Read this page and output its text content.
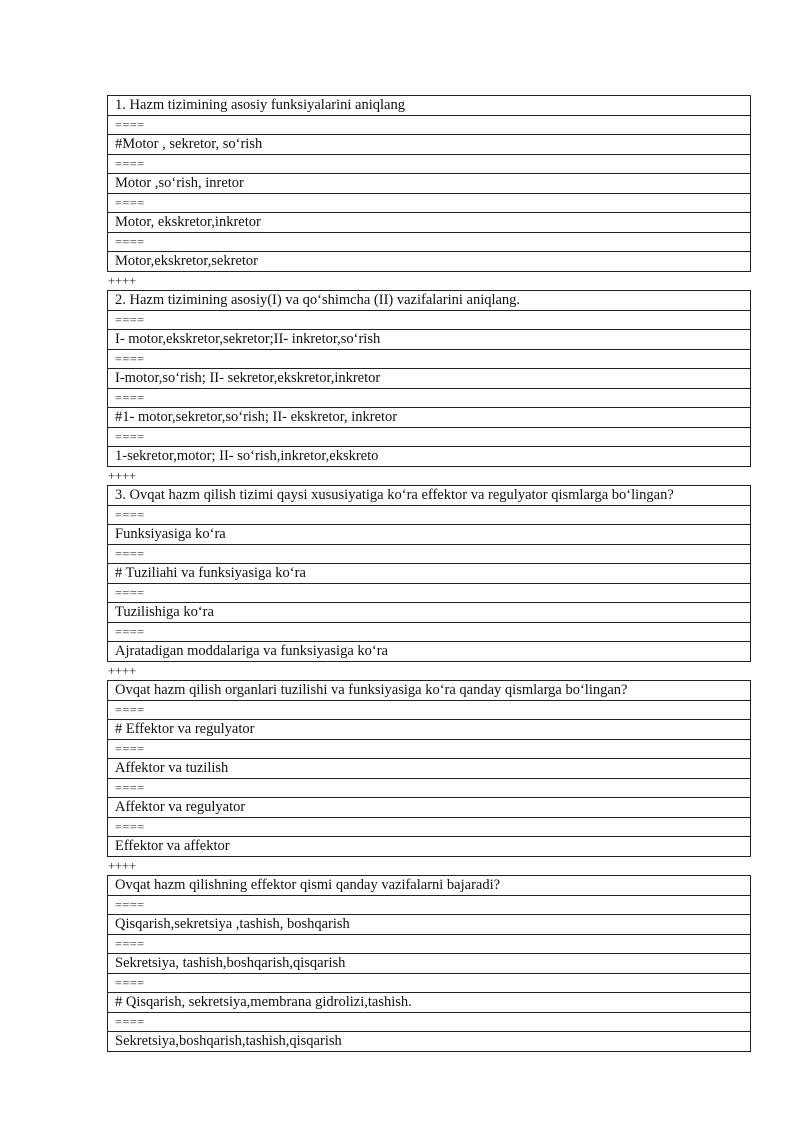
1. Hazm tizimining asosiy funksiyalarini aniqlang
====
#Motor , sekretor, so‘rish
====
Motor ,so‘rish, inretor
====
Motor, ekskretor,inkretor
====
Motor,ekskretor,sekretor
++++
2. Hazm tizimining asosiy(I) va qo‘shimcha (II) vazifalarini aniqlang.
====
I- motor,ekskretor,sekretor;II- inkretor,so‘rish
====
I-motor,so‘rish; II- sekretor,ekskretor,inkretor
====
#1- motor,sekretor,so‘rish; II- ekskretor, inkretor
====
1-sekretor,motor; II- so‘rish,inkretor,ekskreto
++++
3. Ovqat hazm qilish tizimi qaysi xususiyatiga ko‘ra effektor va regulyator qismlarga bo‘lingan?
====
Funksiyasiga ko‘ra
====
# Tuziliahi va funksiyasiga ko‘ra
====
Tuzilishiga ko‘ra
====
Ajratadigan moddalariga va funksiyasiga ko‘ra
++++
Ovqat hazm qilish organlari tuzilishi va funksiyasiga ko‘ra qanday qismlarga bo‘lingan?
====
# Effektor va regulyator
====
Affektor va tuzilish
====
Affektor va regulyator
====
Effektor va affektor
++++
Ovqat hazm qilishning effektor qismi qanday vazifalarni bajaradi?
====
Qisqarish,sekretsiya ,tashish, boshqarish
====
Sekretsiya, tashish,boshqarish,qisqarish
====
# Qisqarish, sekretsiya,membrana gidrolizi,tashish.
====
Sekretsiya,boshqarish,tashish,qisqarish
